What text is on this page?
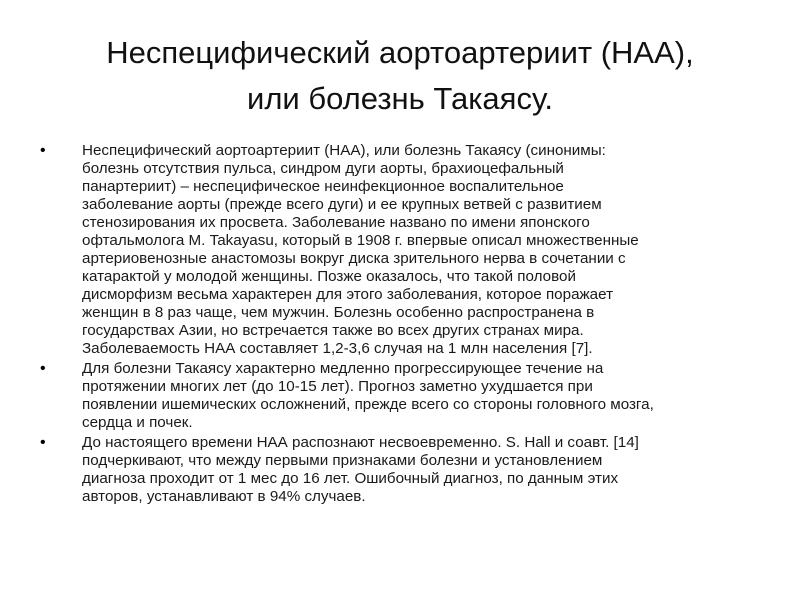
Неспецифический аортоартериит (НАА),
или болезнь Такаясу.
• Неспецифический аортоартериит (НАА), или болезнь Такаясу (синонимы:
болезнь отсутствия пульса, синдром дуги аорты, брахиоцефальный
панартериит) – неспецифическое неинфекционное воспалительное
заболевание аорты (прежде всего дуги) и ее крупных ветвей с развитием
стенозирования их просвета. Заболевание названо по имени японского
офтальмолога М. Takayasu, который в 1908 г. впервые описал множественные
артериовенозные анастомозы вокруг диска зрительного нерва в сочетании с
катарактой у молодой женщины. Позже оказалось, что такой половой
дисморфизм весьма характерен для этого заболевания, которое поражает
женщин в 8 раз чаще, чем мужчин. Болезнь особенно распространена в
государствах Азии, но встречается также во всех других странах мира.
Заболеваемость НАА составляет 1,2-3,6 случая на 1 млн населения [7].
• Для болезни Такаясу характерно медленно прогрессирующее течение на
протяжении многих лет (до 10-15 лет). Прогноз заметно ухудшается при
появлении ишемических осложнений, прежде всего со стороны головного мозга,
сердца и почек.
• До настоящего времени НАА распознают несвоевременно. S. Hall и соавт. [14]
подчеркивают, что между первыми признаками болезни и установлением
диагноза проходит от 1 мес до 16 лет. Ошибочный диагноз, по данным этих
авторов, устанавливают в 94% случаев.
